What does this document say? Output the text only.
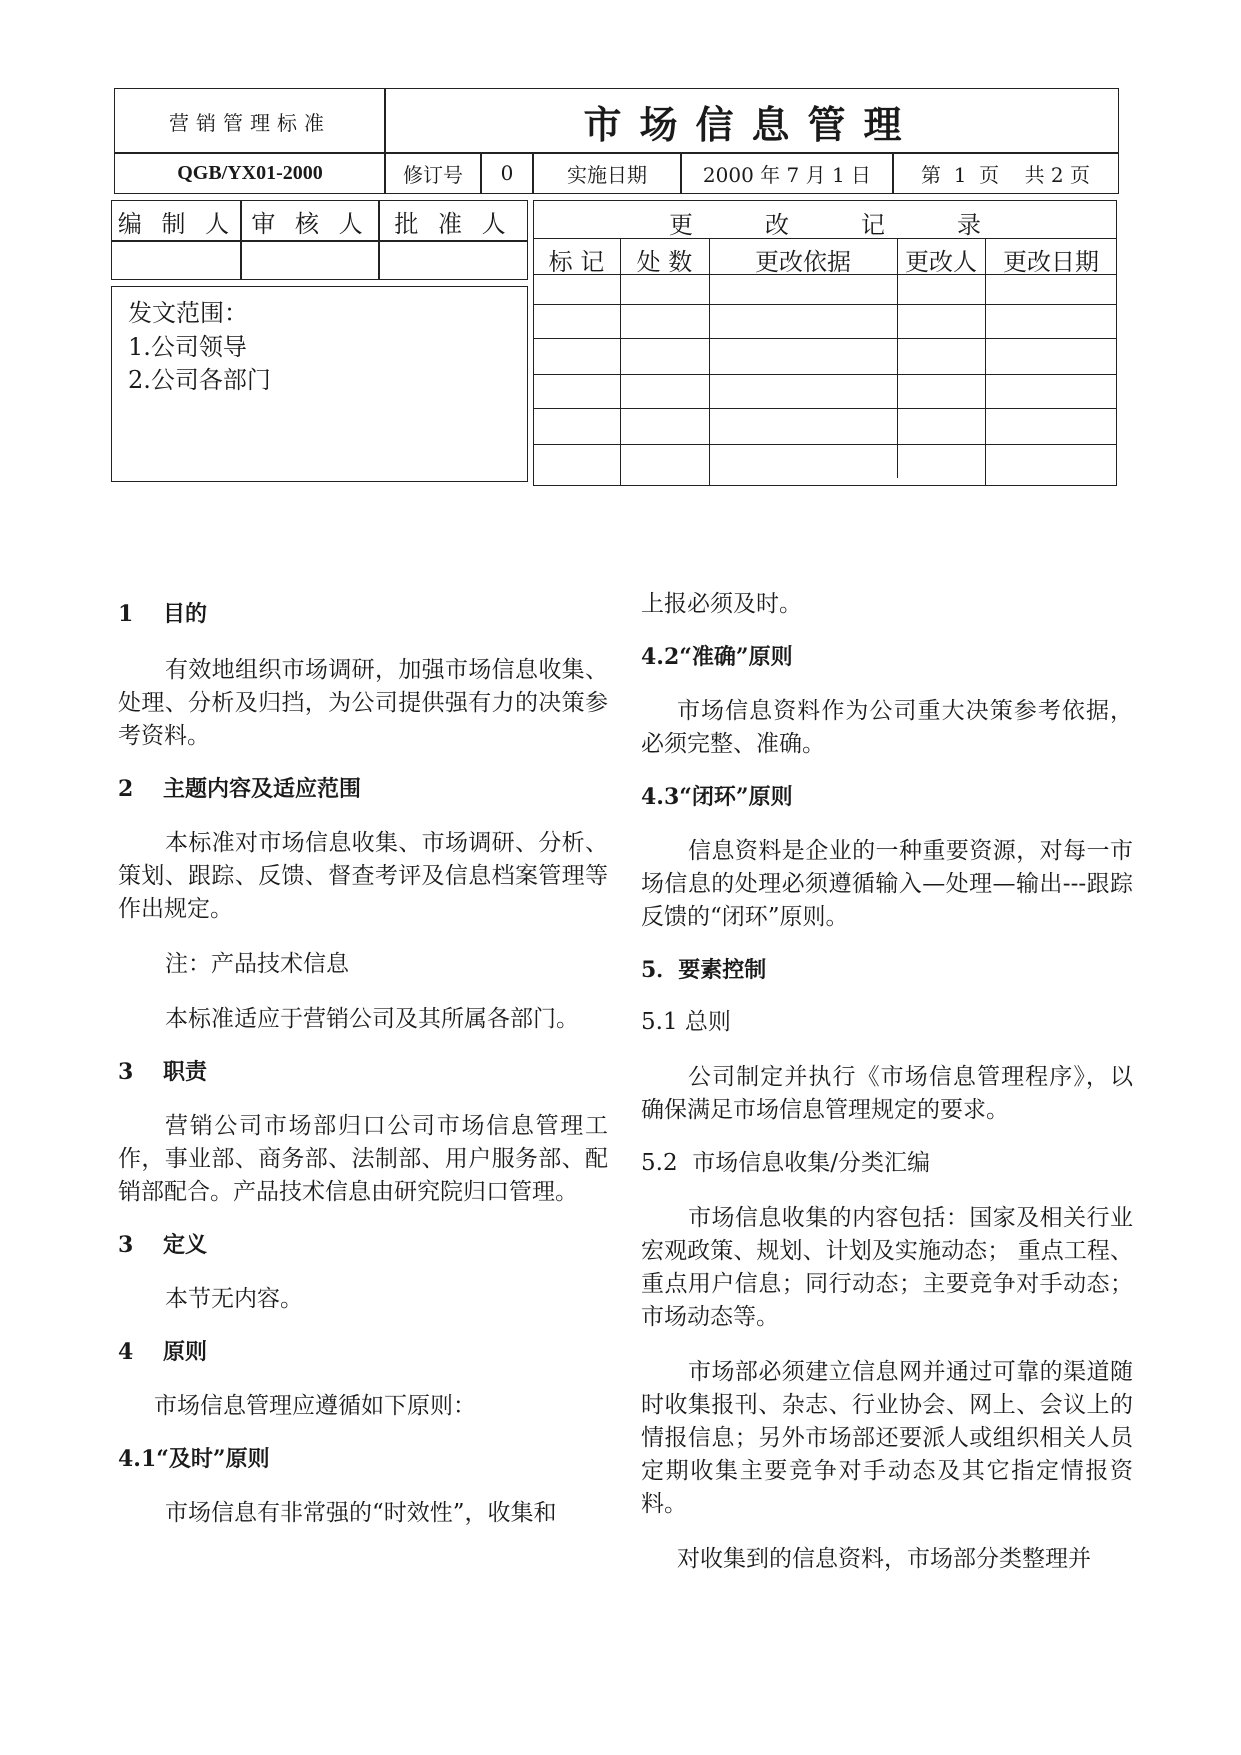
营销管理标准	市场信息管理
QGB/YX01-2000	修订号 0	实施日期	2000 年 7 月 1 日 第  1  页    共 2 页
编 制 人 审 核 人 批 准 人
发文范围：
1.公司领导
2.公司各部门
更　　　改　　　记　　　录
标 记	处 数	更改依据	更改人	更改日期
1　 目的
有效地组织市场调研，加强市场信息收集、处理、分析及归挡，为公司提供强有力的决策参考资料。
2　 主题内容及适应范围
本标准对市场信息收集、市场调研、分析、策划、跟踪、反馈、督查考评及信息档案管理等作出规定。
注：产品技术信息
本标准适应于营销公司及其所属各部门。
3　 职责
营销公司市场部归口公司市场信息管理工作，事业部、商务部、法制部、用户服务部、配销部配合。产品技术信息由研究院归口管理。
3　 定义
本节无内容。
4　 原则
市场信息管理应遵循如下原则：
4.1“及时”原则
市场信息有非常强的“时效性”，收集和
上报必须及时。
4.2“准确”原则
市场信息资料作为公司重大决策参考依据，必须完整、准确。
4.3“闭环”原则
信息资料是企业的一种重要资源，对每一市场信息的处理必须遵循输入—处理—输出---跟踪反馈的“闭环”原则。
5．要素控制
5.1 总则
公司制定并执行《市场信息管理程序》，以确保满足市场信息管理规定的要求。
5.2  市场信息收集/分类汇编
市场信息收集的内容包括：国家及相关行业宏观政策、规划、计划及实施动态； 重点工程、重点用户信息；同行动态；主要竞争对手动态；市场动态等。
市场部必须建立信息网并通过可靠的渠道随时收集报刊、杂志、行业协会、网上、会议上的情报信息；另外市场部还要派人或组织相关人员定期收集主要竞争对手动态及其它指定情报资料。
对收集到的信息资料，市场部分类整理并
